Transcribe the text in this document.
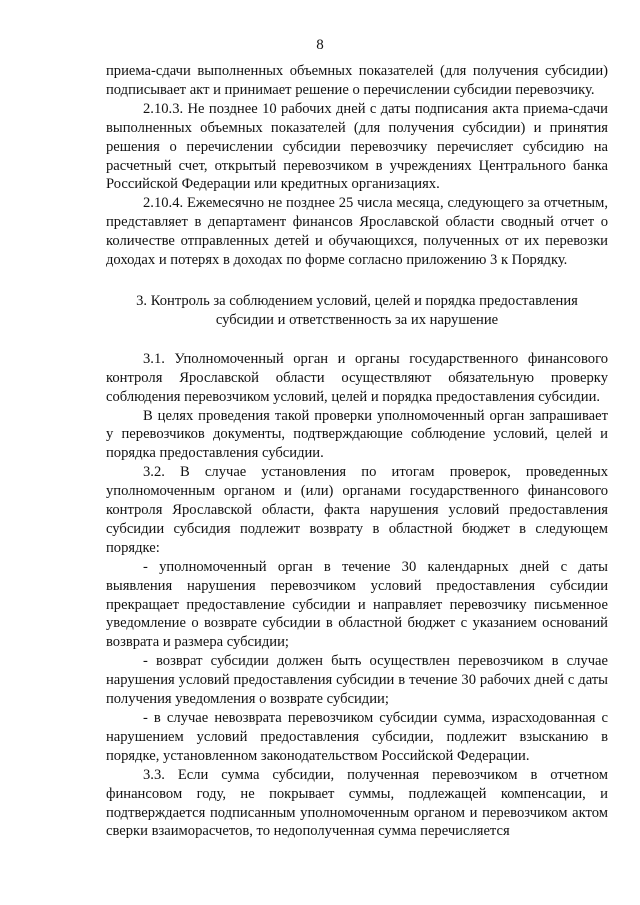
8

приема-сдачи выполненных объемных показателей (для получения субсидии) подписывает акт и принимает решение о перечислении субсидии перевозчику.

2.10.3. Не позднее 10 рабочих дней с даты подписания акта приема-сдачи выполненных объемных показателей (для получения субсидии) и принятия решения о перечислении субсидии перевозчику перечисляет субсидию на расчетный счет, открытый перевозчиком в учреждениях Центрального банка Российской Федерации или кредитных организациях.

2.10.4. Ежемесячно не позднее 25 числа месяца, следующего за отчетным, представляет в департамент финансов Ярославской области сводный отчет о количестве отправленных детей и обучающихся, полученных от их перевозки доходах и потерях в доходах по форме согласно приложению 3 к Порядку.

3. Контроль за соблюдением условий, целей и порядка предоставления
субсидии и ответственность за их нарушение

3.1. Уполномоченный орган и органы государственного финансового контроля Ярославской области осуществляют обязательную проверку соблюдения перевозчиком условий, целей и порядка предоставления субсидии.

В целях проведения такой проверки уполномоченный орган запрашивает у перевозчиков документы, подтверждающие соблюдение условий, целей и порядка предоставления субсидии.

3.2. В случае установления по итогам проверок, проведенных уполномоченным органом и (или) органами государственного финансового контроля Ярославской области, факта нарушения условий предоставления субсидии субсидия подлежит возврату в областной бюджет в следующем порядке:

- уполномоченный орган в течение 30 календарных дней с даты выявления нарушения перевозчиком условий предоставления субсидии прекращает предоставление субсидии и направляет перевозчику письменное уведомление о возврате субсидии в областной бюджет с указанием оснований возврата и размера субсидии;

- возврат субсидии должен быть осуществлен перевозчиком в случае нарушения условий предоставления субсидии в течение 30 рабочих дней с даты получения уведомления о возврате субсидии;

- в случае невозврата перевозчиком субсидии сумма, израсходованная с нарушением условий предоставления субсидии, подлежит взысканию в порядке, установленном законодательством Российской Федерации.

3.3. Если сумма субсидии, полученная перевозчиком в отчетном финансовом году, не покрывает суммы, подлежащей компенсации, и подтверждается подписанным уполномоченным органом и перевозчиком актом сверки взаиморасчетов, то недополученная сумма перечисляется
